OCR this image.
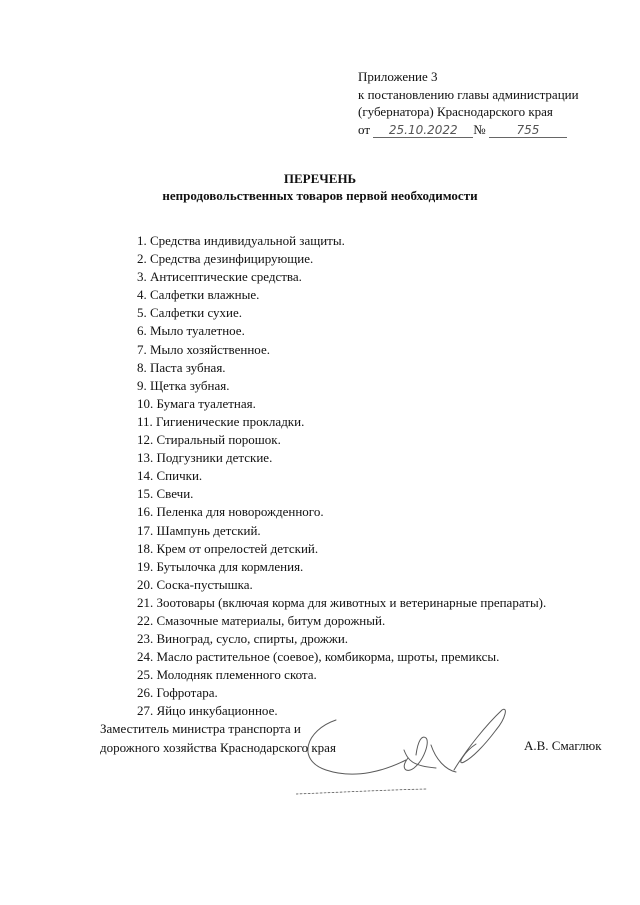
Приложение 3
к постановлению главы администрации
(губернатора) Краснодарского края
от 25.10.2022 №	755
ПЕРЕЧЕНЬ
непродовольственных товаров первой необходимости
1. Средства индивидуальной защиты.
2. Средства дезинфицирующие.
3. Антисептические средства.
4. Салфетки влажные.
5. Салфетки сухие.
6. Мыло туалетное.
7. Мыло хозяйственное.
8. Паста зубная.
9. Щетка зубная.
10. Бумага туалетная.
11. Гигиенические прокладки.
12. Стиральный порошок.
13. Подгузники детские.
14. Спички.
15. Свечи.
16. Пеленка для новорожденного.
17. Шампунь детский.
18. Крем от опрелостей детский.
19. Бутылочка для кормления.
20. Соска-пустышка.
21. Зоотовары (включая корма для животных и ветеринарные препараты).
22. Смазочные материалы, битум дорожный.
23. Виноград, сусло, спирты, дрожжи.
24. Масло растительное (соевое), комбикорма, шроты, премиксы.
25. Молодняк племенного скота.
26. Гофротара.
27. Яйцо инкубационное.
Заместитель министра транспорта и
дорожного хозяйства Краснодарского края	А.В. Смаглюк
